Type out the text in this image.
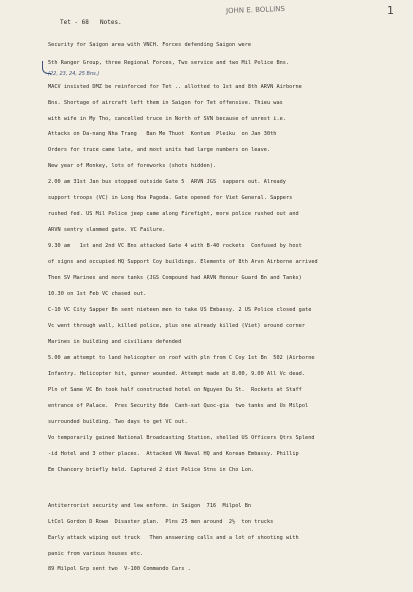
1
JOHN E. BOLLINS
Tet - 68 Notes.
(22, 23, 24, 25 Bns.)
Security for Saigon area with VNCH. Forces defending Saigon were
5th Ranger Group, three Regional Forces, Two service and two Mil Police Bns.
MACV insisted DMZ be reinforced for Tet .. allotted to 1st and 8th ARVN Airborne
Bns. Shortage of aircraft left them in Saigon for Tet offensive. Thieu was
with wife in My Tho, cancelled truce in North of SVN because of unrest i.e.
Attacks on Da-nang Nha Trang   Ban Me Thuot  Kontum  Pleiku  on Jan 30th
Orders for truce came late, and most units had large numbers on leave.
New year of Monkey, lots of foreworks (shots hidden).
2.00 am 31st Jan bus stopped outside Gate 5  ARVN JGS  sappers out. Already
support troops (VC) in Long Hoa Pagoda. Gate opened for Viet General. Sappers
rushed fed. US Mil Police jeep came along Firefight, more police rushed out and
ARVN sentry slammed gate. VC Failure.
9.30 am   1st and 2nd VC Bns attacked Gate 4 with B-40 rockets  Confused by host
of signs and occupied HQ Support Coy buildings. Elements of 8th Arvn Airborne arrived
Then SV Marines and more tanks (JGS Compound had ARVN Honour Guard Bn and Tanks)
10.30 on 1st Feb VC chased out.
C-10 VC City Sapper Bn sent nieteen men to take US Embassy. 2 US Police closed gate
Vc went through wall, killed police, plus one already killed (Viet) around corner
Marines in building and civilians defended
5.00 am attempt to land helicopter on roof with pln from C Coy 1st Bn  502 (Airborne
Infantry. Helicopter hit, gunner wounded. Attempt made at 8.00, 9.00 All Vc dead.
Pln of Same VC Bn took half constructed hotel on Nguyen Du St.  Rockets at Staff
entrance of Palace.  Pres Security Bde  Canh-sat Quoc-gia  two tanks and Us Milpol
surrounded building. Two days to get VC out.
Vo temporarily gained National Broadcasting Station, shelled US Officers Qtrs Splend
-id Hotel and 3 other places.  Attacked VN Naval HQ and Korean Embassy. Phillip
Em Chancery briefly held. Captured 2 dist Police Stns in Cho Lon.
Antiterrorist security and lew enform. in Saigon  716  Milpol Bn
LtCol Gordon D Rowe  Disaster plan.  Plns 25 men around  2½  ton trucks
Early attack wiping out truck   Then answering calls and a lot of shooting with
panic from various houses etc.
89 Milpol Grp sent two  V-100 Commando Cars .
